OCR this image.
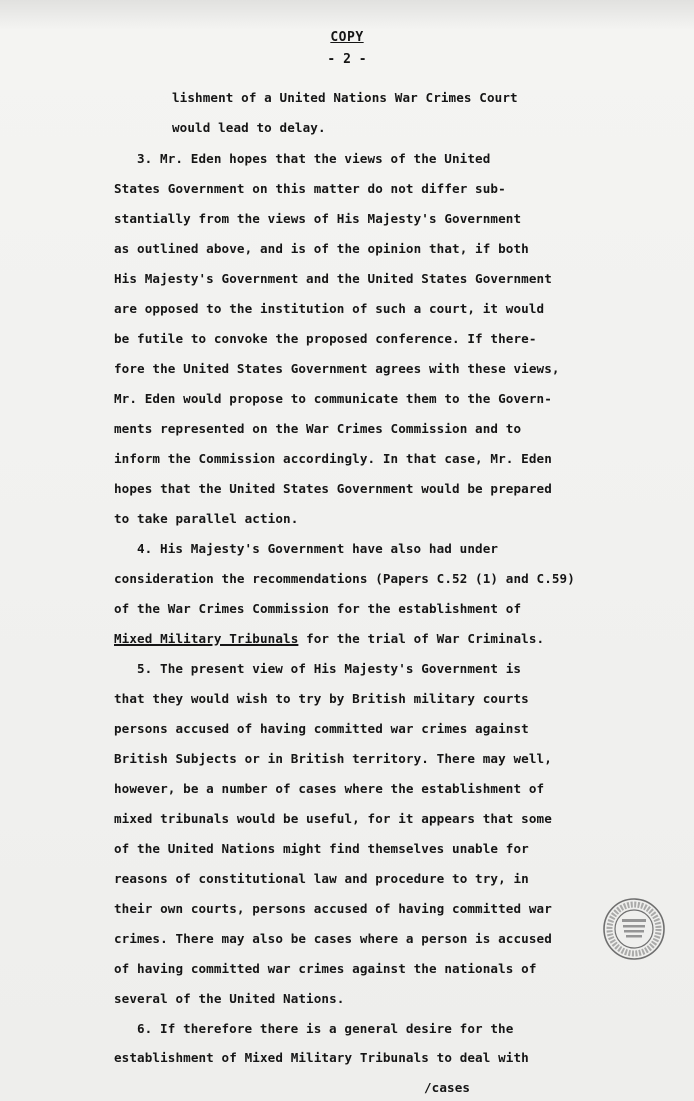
COPY
- 2 -
lishment of a United Nations War Crimes Court
would lead to delay.
3. Mr. Eden hopes that the views of the United
States Government on this matter do not differ sub-
stantially from the views of His Majesty's Government
as outlined above, and is of the opinion that, if both
His Majesty's Government and the United States Government
are opposed to the institution of such a court, it would
be futile to convoke the proposed conference. If there-
fore the United States Government agrees with these views,
Mr. Eden would propose to communicate them to the Govern-
ments represented on the War Crimes Commission and to
inform the Commission accordingly. In that case, Mr. Eden
hopes that the United States Government would be prepared
to take parallel action.
4. His Majesty's Government have also had under
consideration the recommendations (Papers C.52 (1) and C.59)
of the War Crimes Commission for the establishment of
Mixed Military Tribunals for the trial of War Criminals.
5. The present view of His Majesty's Government is
that they would wish to try by British military courts
persons accused of having committed war crimes against
British Subjects or in British territory. There may well,
however, be a number of cases where the establishment of
mixed tribunals would be useful, for it appears that some
of the United Nations might find themselves unable for
reasons of constitutional law and procedure to try, in
their own courts, persons accused of having committed war
crimes. There may also be cases where a person is accused
of having committed war crimes against the nationals of
several of the United Nations.
6. If therefore there is a general desire for the
establishment of Mixed Military Tribunals to deal with
/cases
